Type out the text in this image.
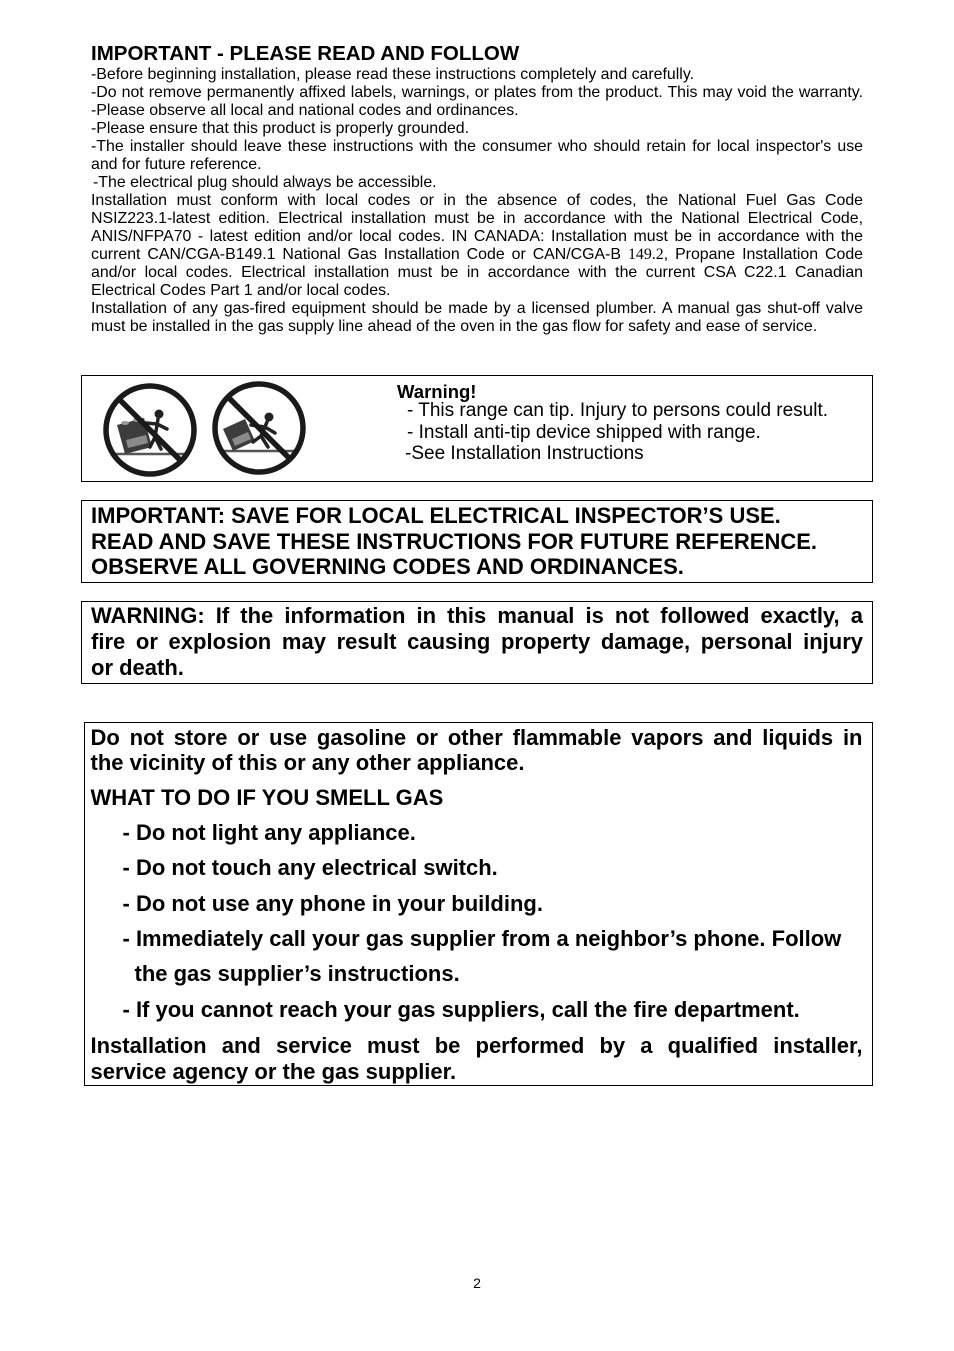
IMPORTANT - PLEASE READ AND FOLLOW
-Before beginning installation, please read these instructions completely and carefully.
-Do not remove permanently affixed labels, warnings, or plates from the product. This may void the warranty.
-Please observe all local and national codes and ordinances.
-Please ensure that this product is properly grounded.
-The installer should leave these instructions with the consumer who should retain for local inspector's use
and for future reference.
-The electrical plug should always be accessible.
Installation must conform with local codes or in the absence of codes, the National Fuel Gas Code
NSIZ223.1-latest edition. Electrical installation must be in accordance with the National Electrical Code,
ANIS/NFPA70 - latest edition and/or local codes. IN CANADA: Installation must be in accordance with the
current CAN/CGA-B149.1 National Gas Installation Code or CAN/CGA-B 149.2, Propane Installation Code
and/or local codes. Electrical installation must be in accordance with the current CSA C22.1 Canadian
Electrical Codes Part 1 and/or local codes.
Installation of any gas-fired equipment should be made by a licensed plumber. A manual gas shut-off valve
must be installed in the gas supply line ahead of the oven in the gas flow for safety and ease of service.
Warning!
- This range can tip. Injury to persons could result.
- Install anti-tip device shipped with range.
-See Installation Instructions
IMPORTANT: SAVE FOR LOCAL ELECTRICAL INSPECTOR’S USE.
READ AND SAVE THESE INSTRUCTIONS FOR FUTURE REFERENCE.
OBSERVE ALL GOVERNING CODES AND ORDINANCES.
WARNING: If the information in this manual is not followed exactly, a
fire or explosion may result causing property damage, personal injury
or death.
Do not store or use gasoline or other flammable vapors and liquids in
the vicinity of this or any other appliance.
WHAT TO DO IF YOU SMELL GAS
- Do not light any appliance.
- Do not touch any electrical switch.
- Do not use any phone in your building.
- Immediately call your gas supplier from a neighbor’s phone. Follow
the gas supplier’s instructions.
- If you cannot reach your gas suppliers, call the fire department.
Installation and service must be performed by a qualified installer,
service agency or the gas supplier.
2
